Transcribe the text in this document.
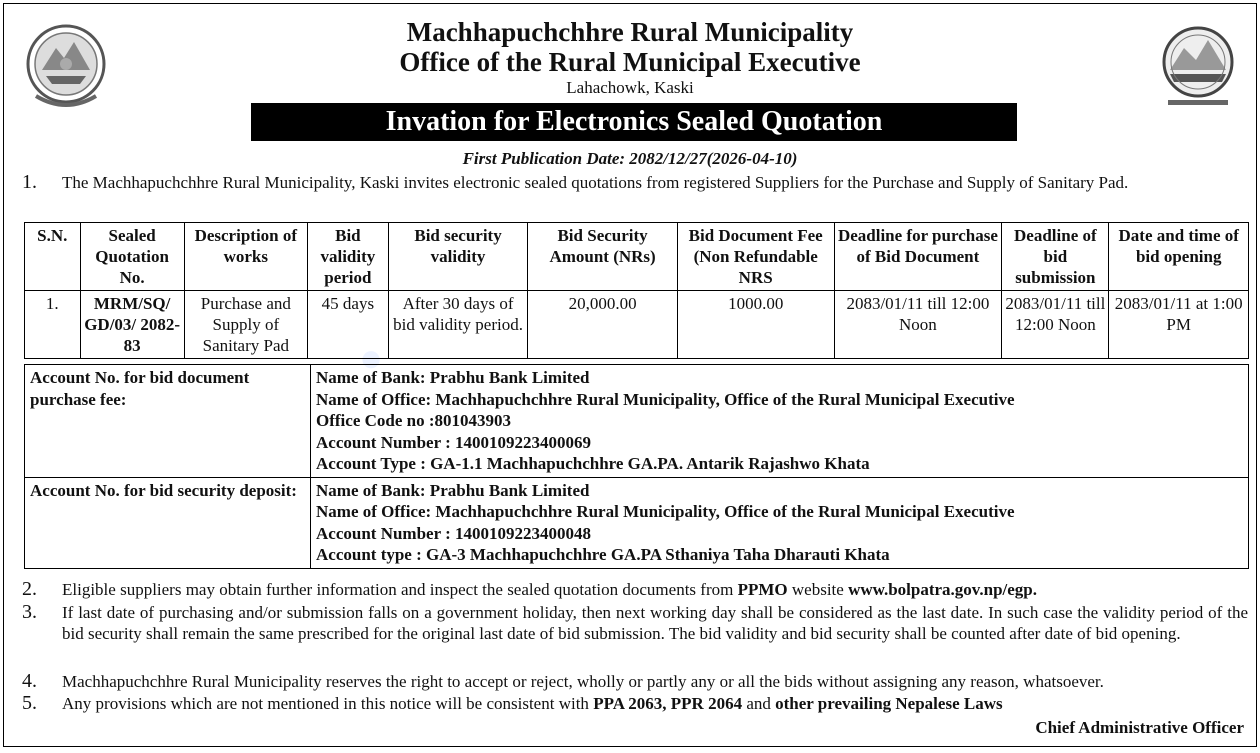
Machhapuchchhre Rural Municipality
Office of the Rural Municipal Executive
Lahachowk, Kaski
Invation for Electronics Sealed Quotation
First Publication Date: 2082/12/27(2026-04-10)
1. The Machhapuchchhre Rural Municipality, Kaski invites electronic sealed quotations from registered Suppliers for the Purchase and Supply of Sanitary Pad.
●
S.N.	Sealed Quotation No.	Description of works	Bid validity period	Bid security validity	Bid Security Amount (NRs)	Bid Document Fee (Non Refundable NRS	Deadline for purchase of Bid Document	Deadline of bid submission	Date and time of bid opening
1.	MRM/SQ/ GD/03/ 2082-83	Purchase and Supply of Sanitary Pad	45 days	After 30 days of bid validity period.	20,000.00	1000.00	2083/01/11 till 12:00 Noon	2083/01/11 till 12:00 Noon	2083/01/11 at 1:00 PM
Account No. for bid document purchase fee:	Name of Bank: Prabhu Bank Limited
Name of Office: Machhapuchchhre Rural Municipality, Office of the Rural Municipal Executive
Office Code no :801043903
Account Number : 1400109223400069
Account Type : GA-1.1 Machhapuchchhre GA.PA. Antarik Rajashwo Khata

Account No. for bid security deposit:	Name of Bank: Prabhu Bank Limited
Name of Office: Machhapuchchhre Rural Municipality, Office of the Rural Municipal Executive
Account Number : 1400109223400048
Account type : GA-3 Machhapuchchhre GA.PA Sthaniya Taha Dharauti Khata
2. Eligible suppliers may obtain further information and inspect the sealed quotation documents from PPMO website www.bolpatra.gov.np/egp.
3. If last date of purchasing and/or submission falls on a government holiday, then next working day shall be considered as the last date. In such case the validity period of the bid security shall remain the same prescribed for the original last date of bid submission. The bid validity and bid security shall be counted after date of bid opening.
4. Machhapuchchhre Rural Municipality reserves the right to accept or reject, wholly or partly any or all the bids without assigning any reason, whatsoever.
5. Any provisions which are not mentioned in this notice will be consistent with PPA 2063, PPR 2064 and other prevailing Nepalese Laws
Chief Administrative Officer
